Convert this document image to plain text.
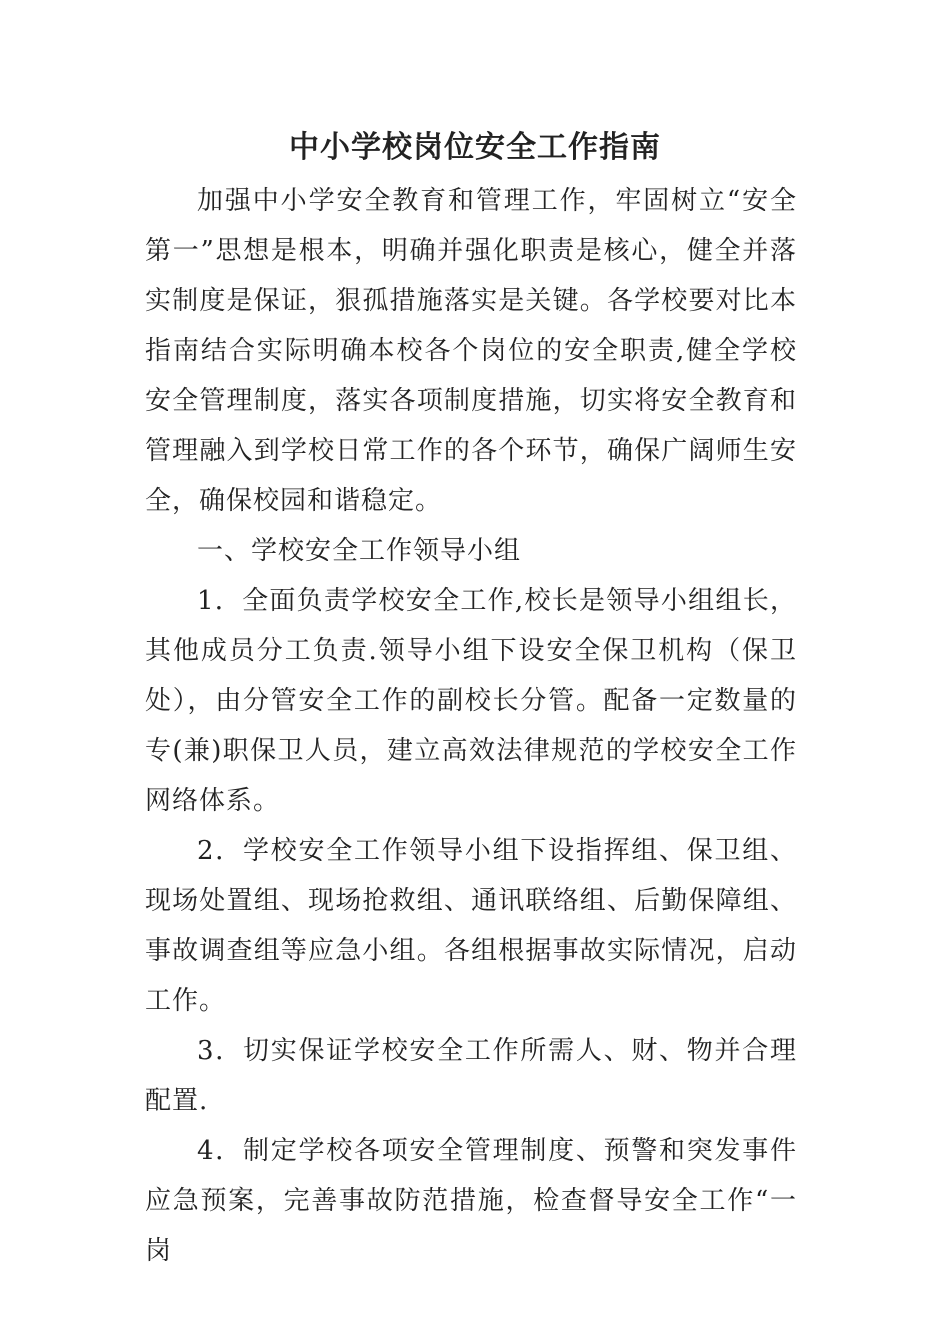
中小学校岗位安全工作指南

加强中小学安全教育和管理工作，牢固树立“安全第一”思想是根本，明确并强化职责是核心，健全并落实制度是保证，狠孤措施落实是关键。各学校要对比本指南结合实际明确本校各个岗位的安全职责,健全学校安全管理制度，落实各项制度措施，切实将安全教育和管理融入到学校日常工作的各个环节，确保广阔师生安全，确保校园和谐稳定。

一、学校安全工作领导小组

1．全面负责学校安全工作,校长是领导小组组长，其他成员分工负责.领导小组下设安全保卫机构（保卫处），由分管安全工作的副校长分管。配备一定数量的专(兼)职保卫人员，建立高效法律规范的学校安全工作网络体系。

2．学校安全工作领导小组下设指挥组、保卫组、现场处置组、现场抢救组、通讯联络组、后勤保障组、事故调查组等应急小组。各组根据事故实际情况，启动工作。

3．切实保证学校安全工作所需人、财、物并合理配置.

4．制定学校各项安全管理制度、预警和突发事件应急预案，完善事故防范措施，检查督导安全工作“一岗
